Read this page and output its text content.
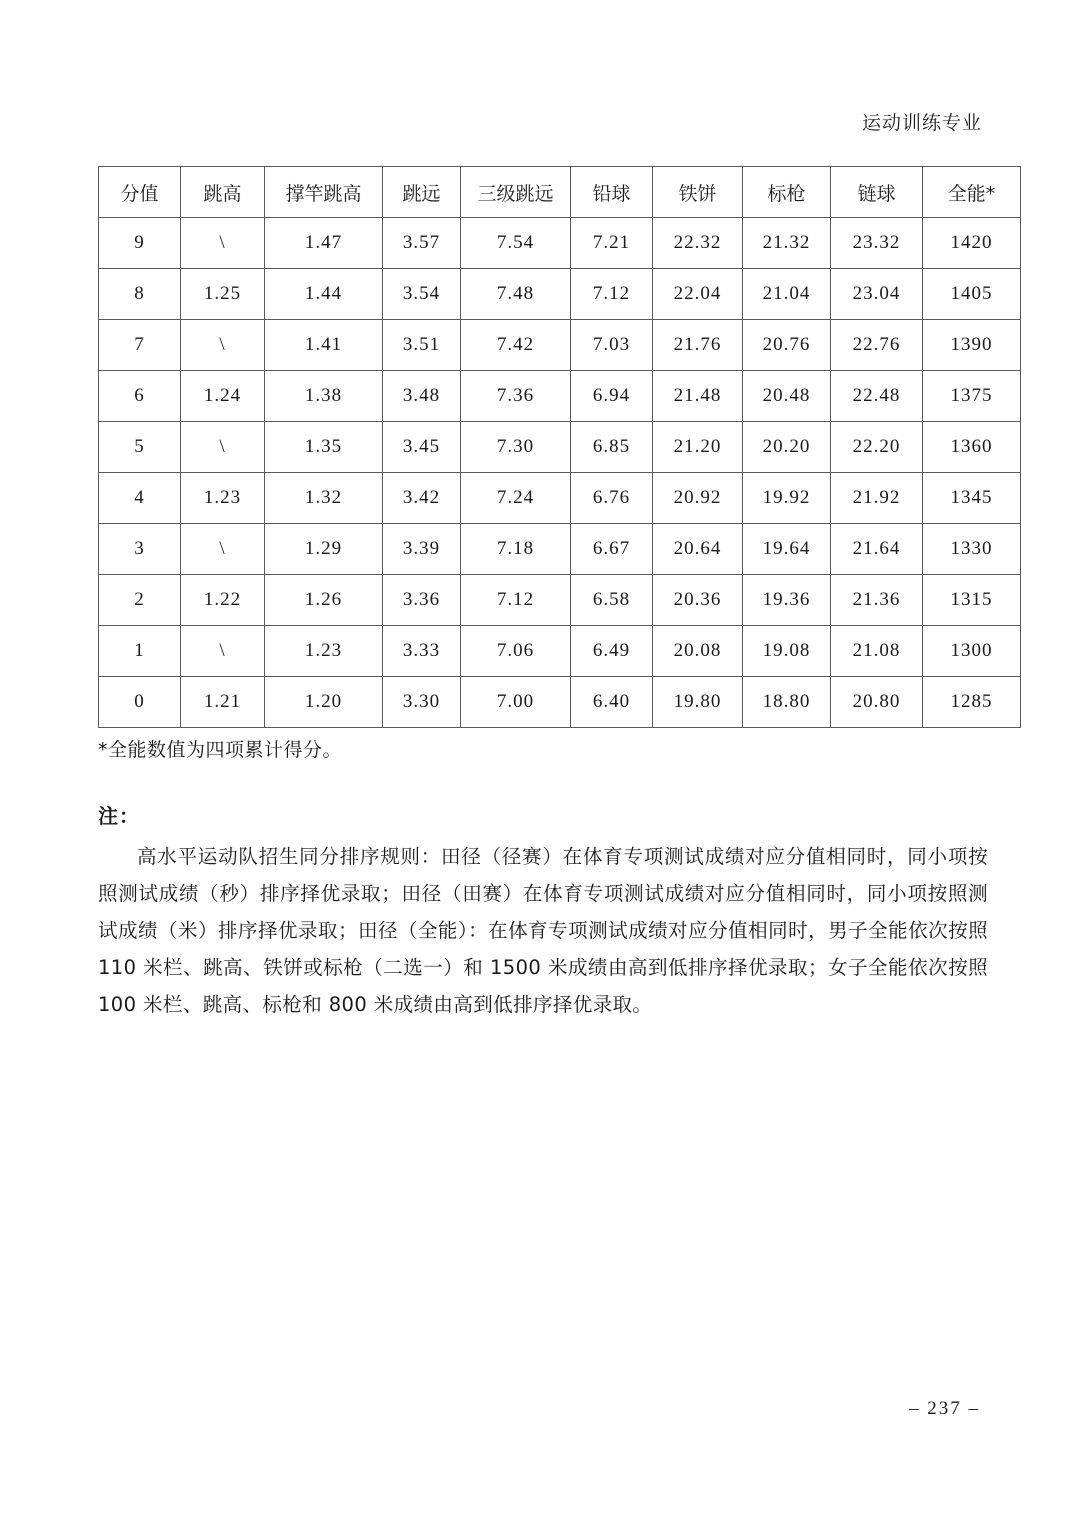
运动训练专业
分值	跳高	撑竿跳高	跳远	三级跳远	铅球	铁饼	标枪	链球	全能*
9	\	1.47	3.57	7.54	7.21	22.32	21.32	23.32	1420
8	1.25	1.44	3.54	7.48	7.12	22.04	21.04	23.04	1405
7	\	1.41	3.51	7.42	7.03	21.76	20.76	22.76	1390
6	1.24	1.38	3.48	7.36	6.94	21.48	20.48	22.48	1375
5	\	1.35	3.45	7.30	6.85	21.20	20.20	22.20	1360
4	1.23	1.32	3.42	7.24	6.76	20.92	19.92	21.92	1345
3	\	1.29	3.39	7.18	6.67	20.64	19.64	21.64	1330
2	1.22	1.26	3.36	7.12	6.58	20.36	19.36	21.36	1315
1	\	1.23	3.33	7.06	6.49	20.08	19.08	21.08	1300
0	1.21	1.20	3.30	7.00	6.40	19.80	18.80	20.80	1285
*全能数值为四项累计得分。
注：
高水平运动队招生同分排序规则：田径（径赛）在体育专项测试成绩对应分值相同时，同小项按照测试成绩（秒）排序择优录取；田径（田赛）在体育专项测试成绩对应分值相同时，同小项按照测试成绩（米）排序择优录取；田径（全能）：在体育专项测试成绩对应分值相同时，男子全能依次按照 110 米栏、跳高、铁饼或标枪（二选一）和 1500 米成绩由高到低排序择优录取；女子全能依次按照 100 米栏、跳高、标枪和 800 米成绩由高到低排序择优录取。
– 237 –
